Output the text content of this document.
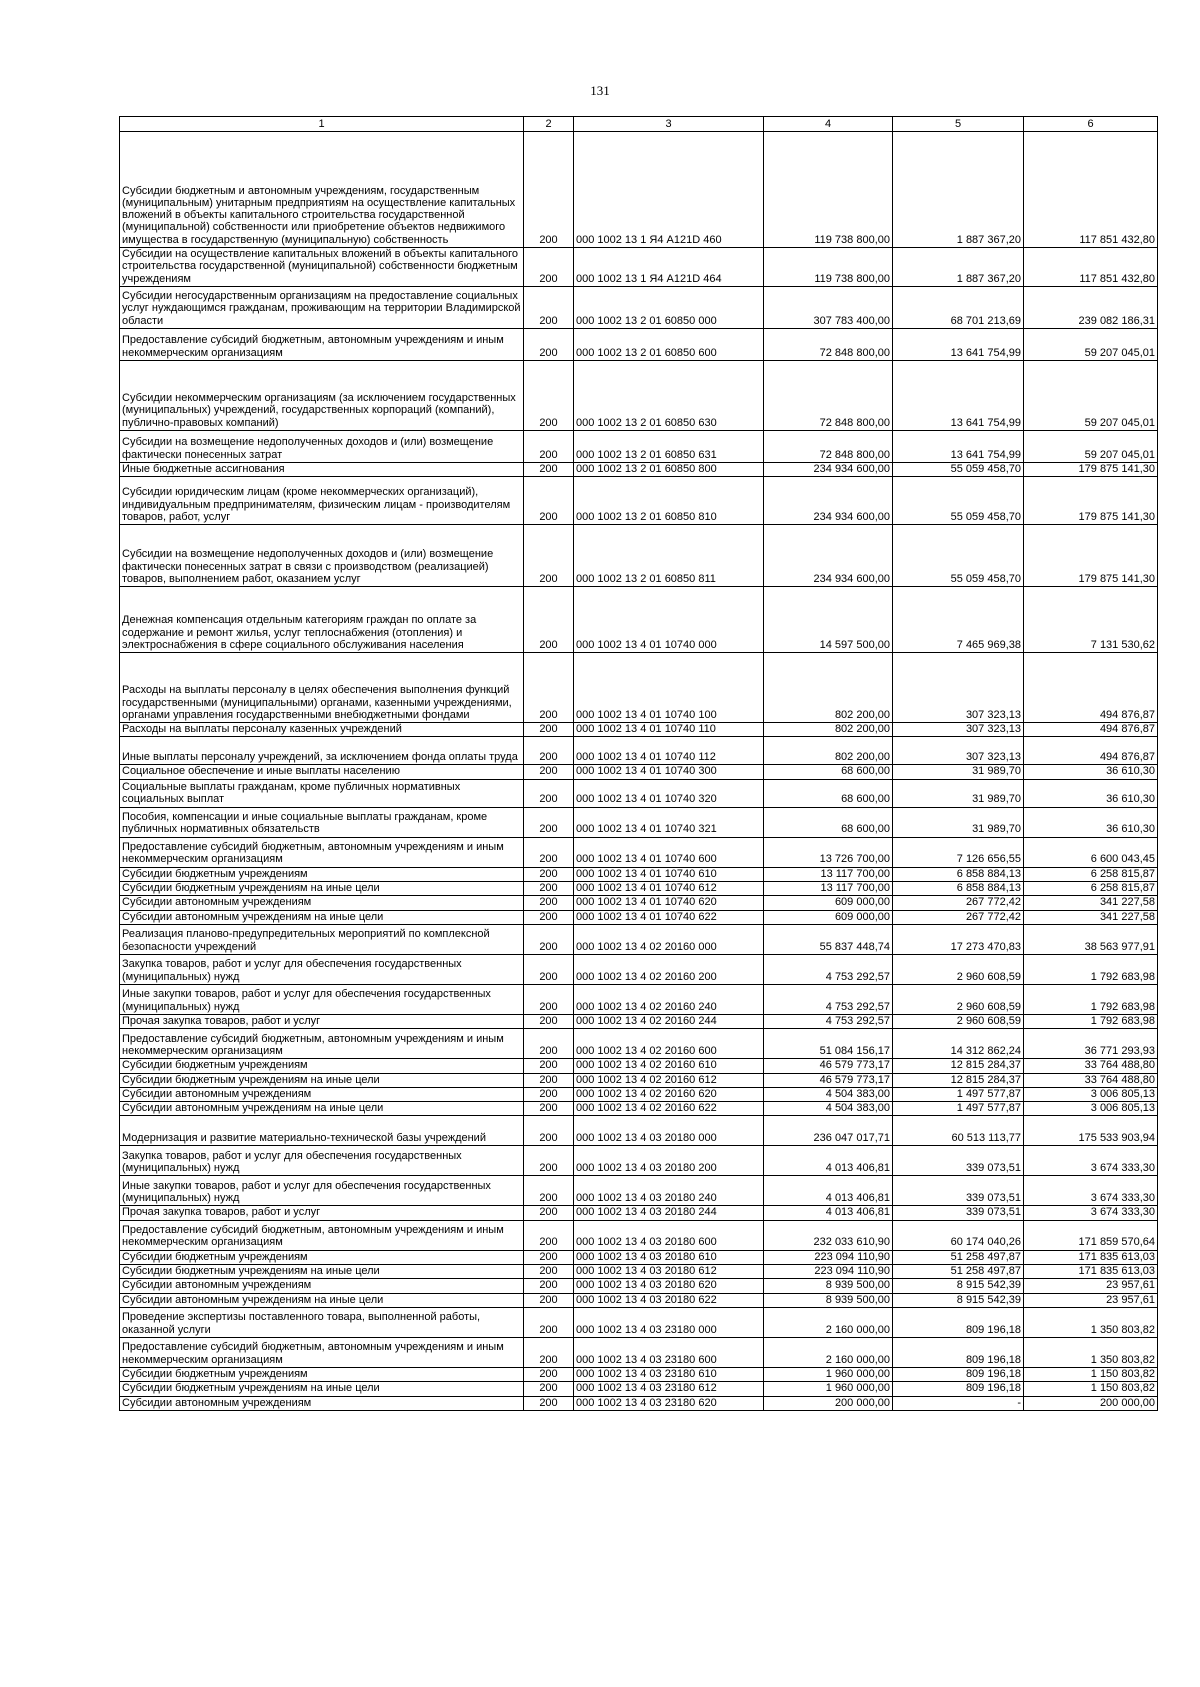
131
1	2	3	4	5	6
Субсидии бюджетным и автономным учреждениям, государственным (муниципальным) унитарным предприятиям на осуществление капитальных вложений в объекты капитального строительства государственной (муниципальной) собственности или приобретение объектов недвижимого имущества в государственную (муниципальную) собственность	200	000 1002 13 1 Я4 А121D 460	119 738 800,00	1 887 367,20	117 851 432,80
Субсидии на осуществление капитальных вложений в объекты капитального строительства государственной (муниципальной) собственности бюджетным учреждениям	200	000 1002 13 1 Я4 А121D 464	119 738 800,00	1 887 367,20	117 851 432,80
Субсидии негосударственным организациям на предоставление социальных услуг нуждающимся гражданам, проживающим на территории Владимирской области	200	000 1002 13 2 01 60850 000	307 783 400,00	68 701 213,69	239 082 186,31
Предоставление субсидий бюджетным, автономным учреждениям и иным некоммерческим организациям	200	000 1002 13 2 01 60850 600	72 848 800,00	13 641 754,99	59 207 045,01
Субсидии некоммерческим организациям (за исключением государственных (муниципальных) учреждений, государственных корпораций (компаний), публично-правовых компаний)	200	000 1002 13 2 01 60850 630	72 848 800,00	13 641 754,99	59 207 045,01
Субсидии на возмещение недополученных доходов и (или) возмещение фактически понесенных затрат	200	000 1002 13 2 01 60850 631	72 848 800,00	13 641 754,99	59 207 045,01
Иные бюджетные ассигнования	200	000 1002 13 2 01 60850 800	234 934 600,00	55 059 458,70	179 875 141,30
Субсидии юридическим лицам (кроме некоммерческих организаций), индивидуальным предпринимателям, физическим лицам - производителям товаров, работ, услуг	200	000 1002 13 2 01 60850 810	234 934 600,00	55 059 458,70	179 875 141,30
Субсидии на возмещение недополученных доходов и (или) возмещение фактически понесенных затрат в связи с производством (реализацией) товаров, выполнением работ, оказанием услуг	200	000 1002 13 2 01 60850 811	234 934 600,00	55 059 458,70	179 875 141,30
Денежная компенсация отдельным категориям граждан по оплате за содержание и ремонт жилья, услуг теплоснабжения (отопления) и электроснабжения в сфере социального обслуживания населения	200	000 1002 13 4 01 10740 000	14 597 500,00	7 465 969,38	7 131 530,62
Расходы на выплаты персоналу в целях обеспечения выполнения функций государственными (муниципальными) органами, казенными учреждениями, органами управления государственными внебюджетными фондами	200	000 1002 13 4 01 10740 100	802 200,00	307 323,13	494 876,87
Расходы на выплаты персоналу казенных учреждений	200	000 1002 13 4 01 10740 110	802 200,00	307 323,13	494 876,87
Иные выплаты персоналу учреждений, за исключением фонда оплаты труда	200	000 1002 13 4 01 10740 112	802 200,00	307 323,13	494 876,87
Социальное обеспечение и иные выплаты населению	200	000 1002 13 4 01 10740 300	68 600,00	31 989,70	36 610,30
Социальные выплаты гражданам, кроме публичных нормативных социальных выплат	200	000 1002 13 4 01 10740 320	68 600,00	31 989,70	36 610,30
Пособия, компенсации и иные социальные выплаты гражданам, кроме публичных нормативных обязательств	200	000 1002 13 4 01 10740 321	68 600,00	31 989,70	36 610,30
Предоставление субсидий бюджетным, автономным учреждениям и иным некоммерческим организациям	200	000 1002 13 4 01 10740 600	13 726 700,00	7 126 656,55	6 600 043,45
Субсидии бюджетным учреждениям	200	000 1002 13 4 01 10740 610	13 117 700,00	6 858 884,13	6 258 815,87
Субсидии бюджетным учреждениям на иные цели	200	000 1002 13 4 01 10740 612	13 117 700,00	6 858 884,13	6 258 815,87
Субсидии автономным учреждениям	200	000 1002 13 4 01 10740 620	609 000,00	267 772,42	341 227,58
Субсидии автономным учреждениям на иные цели	200	000 1002 13 4 01 10740 622	609 000,00	267 772,42	341 227,58
Реализация планово-предупредительных мероприятий по комплексной безопасности учреждений	200	000 1002 13 4 02 20160 000	55 837 448,74	17 273 470,83	38 563 977,91
Закупка товаров, работ и услуг для обеспечения государственных (муниципальных) нужд	200	000 1002 13 4 02 20160 200	4 753 292,57	2 960 608,59	1 792 683,98
Иные закупки товаров, работ и услуг для обеспечения государственных (муниципальных) нужд	200	000 1002 13 4 02 20160 240	4 753 292,57	2 960 608,59	1 792 683,98
Прочая закупка товаров, работ и услуг	200	000 1002 13 4 02 20160 244	4 753 292,57	2 960 608,59	1 792 683,98
Предоставление субсидий бюджетным, автономным учреждениям и иным некоммерческим организациям	200	000 1002 13 4 02 20160 600	51 084 156,17	14 312 862,24	36 771 293,93
Субсидии бюджетным учреждениям	200	000 1002 13 4 02 20160 610	46 579 773,17	12 815 284,37	33 764 488,80
Субсидии бюджетным учреждениям на иные цели	200	000 1002 13 4 02 20160 612	46 579 773,17	12 815 284,37	33 764 488,80
Субсидии автономным учреждениям	200	000 1002 13 4 02 20160 620	4 504 383,00	1 497 577,87	3 006 805,13
Субсидии автономным учреждениям на иные цели	200	000 1002 13 4 02 20160 622	4 504 383,00	1 497 577,87	3 006 805,13
Модернизация и развитие материально-технической базы учреждений	200	000 1002 13 4 03 20180 000	236 047 017,71	60 513 113,77	175 533 903,94
Закупка товаров, работ и услуг для обеспечения государственных (муниципальных) нужд	200	000 1002 13 4 03 20180 200	4 013 406,81	339 073,51	3 674 333,30
Иные закупки товаров, работ и услуг для обеспечения государственных (муниципальных) нужд	200	000 1002 13 4 03 20180 240	4 013 406,81	339 073,51	3 674 333,30
Прочая закупка товаров, работ и услуг	200	000 1002 13 4 03 20180 244	4 013 406,81	339 073,51	3 674 333,30
Предоставление субсидий бюджетным, автономным учреждениям и иным некоммерческим организациям	200	000 1002 13 4 03 20180 600	232 033 610,90	60 174 040,26	171 859 570,64
Субсидии бюджетным учреждениям	200	000 1002 13 4 03 20180 610	223 094 110,90	51 258 497,87	171 835 613,03
Субсидии бюджетным учреждениям на иные цели	200	000 1002 13 4 03 20180 612	223 094 110,90	51 258 497,87	171 835 613,03
Субсидии автономным учреждениям	200	000 1002 13 4 03 20180 620	8 939 500,00	8 915 542,39	23 957,61
Субсидии автономным учреждениям на иные цели	200	000 1002 13 4 03 20180 622	8 939 500,00	8 915 542,39	23 957,61
Проведение экспертизы поставленного товара, выполненной работы, оказанной услуги	200	000 1002 13 4 03 23180 000	2 160 000,00	809 196,18	1 350 803,82
Предоставление субсидий бюджетным, автономным учреждениям и иным некоммерческим организациям	200	000 1002 13 4 03 23180 600	2 160 000,00	809 196,18	1 350 803,82
Субсидии бюджетным учреждениям	200	000 1002 13 4 03 23180 610	1 960 000,00	809 196,18	1 150 803,82
Субсидии бюджетным учреждениям на иные цели	200	000 1002 13 4 03 23180 612	1 960 000,00	809 196,18	1 150 803,82
Субсидии автономным учреждениям	200	000 1002 13 4 03 23180 620	200 000,00	-	200 000,00
